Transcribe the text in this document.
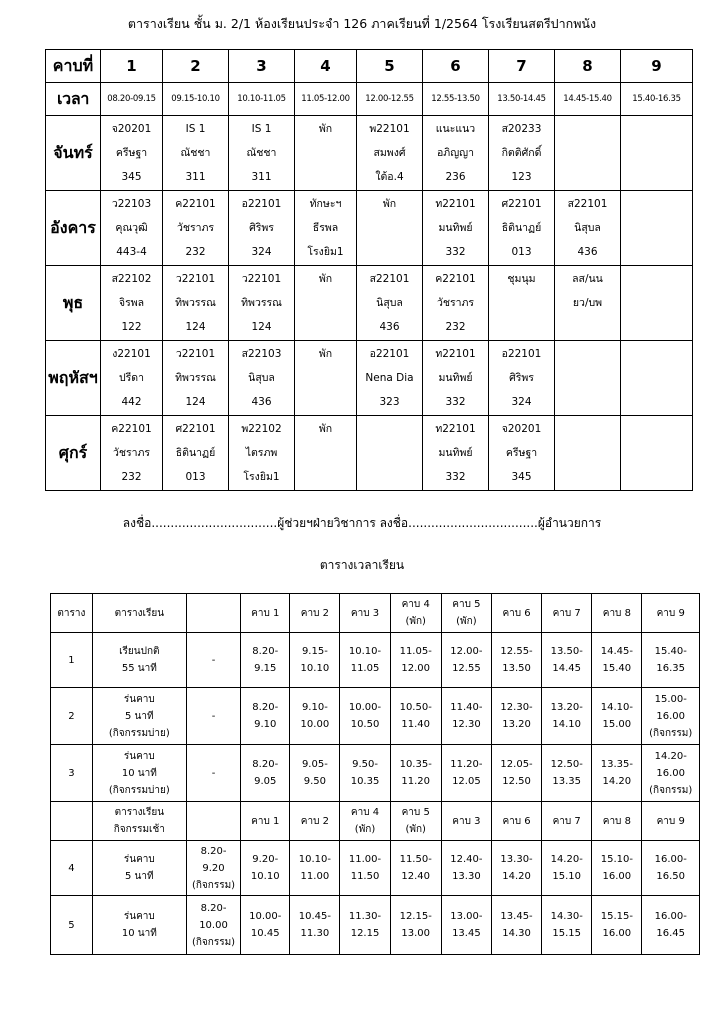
ตารางเรียน ชั้น ม. 2/1 ห้องเรียนประจำ 126 ภาคเรียนที่ 1/2564 โรงเรียนสตรีปากพนัง
คาบที่	1	2	3	4	5	6	7	8	9
เวลา	08.20-09.15	09.15-10.10	10.10-11.05	11.05-12.00	12.00-12.55	12.55-13.50	13.50-14.45	14.45-15.40	15.40-16.35
จันทร์	จ20201
ครีษฐา
345	IS 1
ณัชชา
311	IS 1
ณัชชา
311	พัก	พ22101
สมพงศ์
ใต้อ.4	แนะแนว
อภิญญา
236	ส20233
กิตติศักดิ์
123		

อังคาร	ว22103
คุณวุฒิ
443-4	ค22101
วัชราภร
232	อ22101
ศิริพร
324	ทักษะฯ
ธีรพล
โรงยิม1	พัก	ท22101
มนทิพย์
332	ศ22101
ธิตินาฏย์
013	ส22101
นิสุบล
436	

พุธ	ส22102
จิรพล
122	ว22101
ทิพวรรณ
124	ว22101
ทิพวรรณ
124	พัก	ส22101
นิสุบล
436	ค22101
วัชราภร
232	ชุมนุม	ลส/นน
ยว/บพ	

พฤหัสฯ	ง22101
ปรีดา
442	ว22101
ทิพวรรณ
124	ส22103
นิสุบล
436	พัก	อ22101
Nena Dia
323	ท22101
มนทิพย์
332	อ22101
ศิริพร
324		

ศุกร์	ค22101
วัชราภร
232	ศ22101
ธิตินาฏย์
013	พ22102
ไตรภพ
โรงยิม1	พัก		ท22101
มนทิพย์
332	จ20201
ครีษฐา
345		

ลงชื่อ.................................ผู้ช่วยฯฝ่ายวิชาการ ลงชื่อ..................................ผู้อำนวยการ
ตารางเวลาเรียน
ตาราง	ตารางเรียน		คาบ 1	คาบ 2	คาบ 3	คาบ 4
(พัก)	คาบ 5
(พัก)	คาบ 6	คาบ 7	คาบ 8	คาบ 9

1	เรียนปกติ
55 นาที	-	8.20-
9.15	9.15-
10.10	10.10-
11.05	11.05-
12.00	12.00-
12.55	12.55-
13.50	13.50-
14.45	14.45-
15.40	15.40-
16.35

2	ร่นคาบ
5 นาที
(กิจกรรมบ่าย)	-	8.20-
9.10	9.10-
10.00	10.00-
10.50	10.50-
11.40	11.40-
12.30	12.30-
13.20	13.20-
14.10	14.10-
15.00	15.00-
16.00
(กิจกรรม)

3	ร่นคาบ
10 นาที
(กิจกรรมบ่าย)	-	8.20-
9.05	9.05-
9.50	9.50-
10.35	10.35-
11.20	11.20-
12.05	12.05-
12.50	12.50-
13.35	13.35-
14.20	14.20-
16.00
(กิจกรรม)

	ตารางเรียน
กิจกรรมเช้า		คาบ 1	คาบ 2	คาบ 4
(พัก)	คาบ 5
(พัก)	คาบ 3	คาบ 6	คาบ 7	คาบ 8	คาบ 9

4	ร่นคาบ
5 นาที	8.20-
9.20
(กิจกรรม)	9.20-
10.10	10.10-
11.00	11.00-
11.50	11.50-
12.40	12.40-
13.30	13.30-
14.20	14.20-
15.10	15.10-
16.00	16.00-
16.50

5	ร่นคาบ
10 นาที	8.20-
10.00
(กิจกรรม)	10.00-
10.45	10.45-
11.30	11.30-
12.15	12.15-
13.00	13.00-
13.45	13.45-
14.30	14.30-
15.15	15.15-
16.00	16.00-
16.45
